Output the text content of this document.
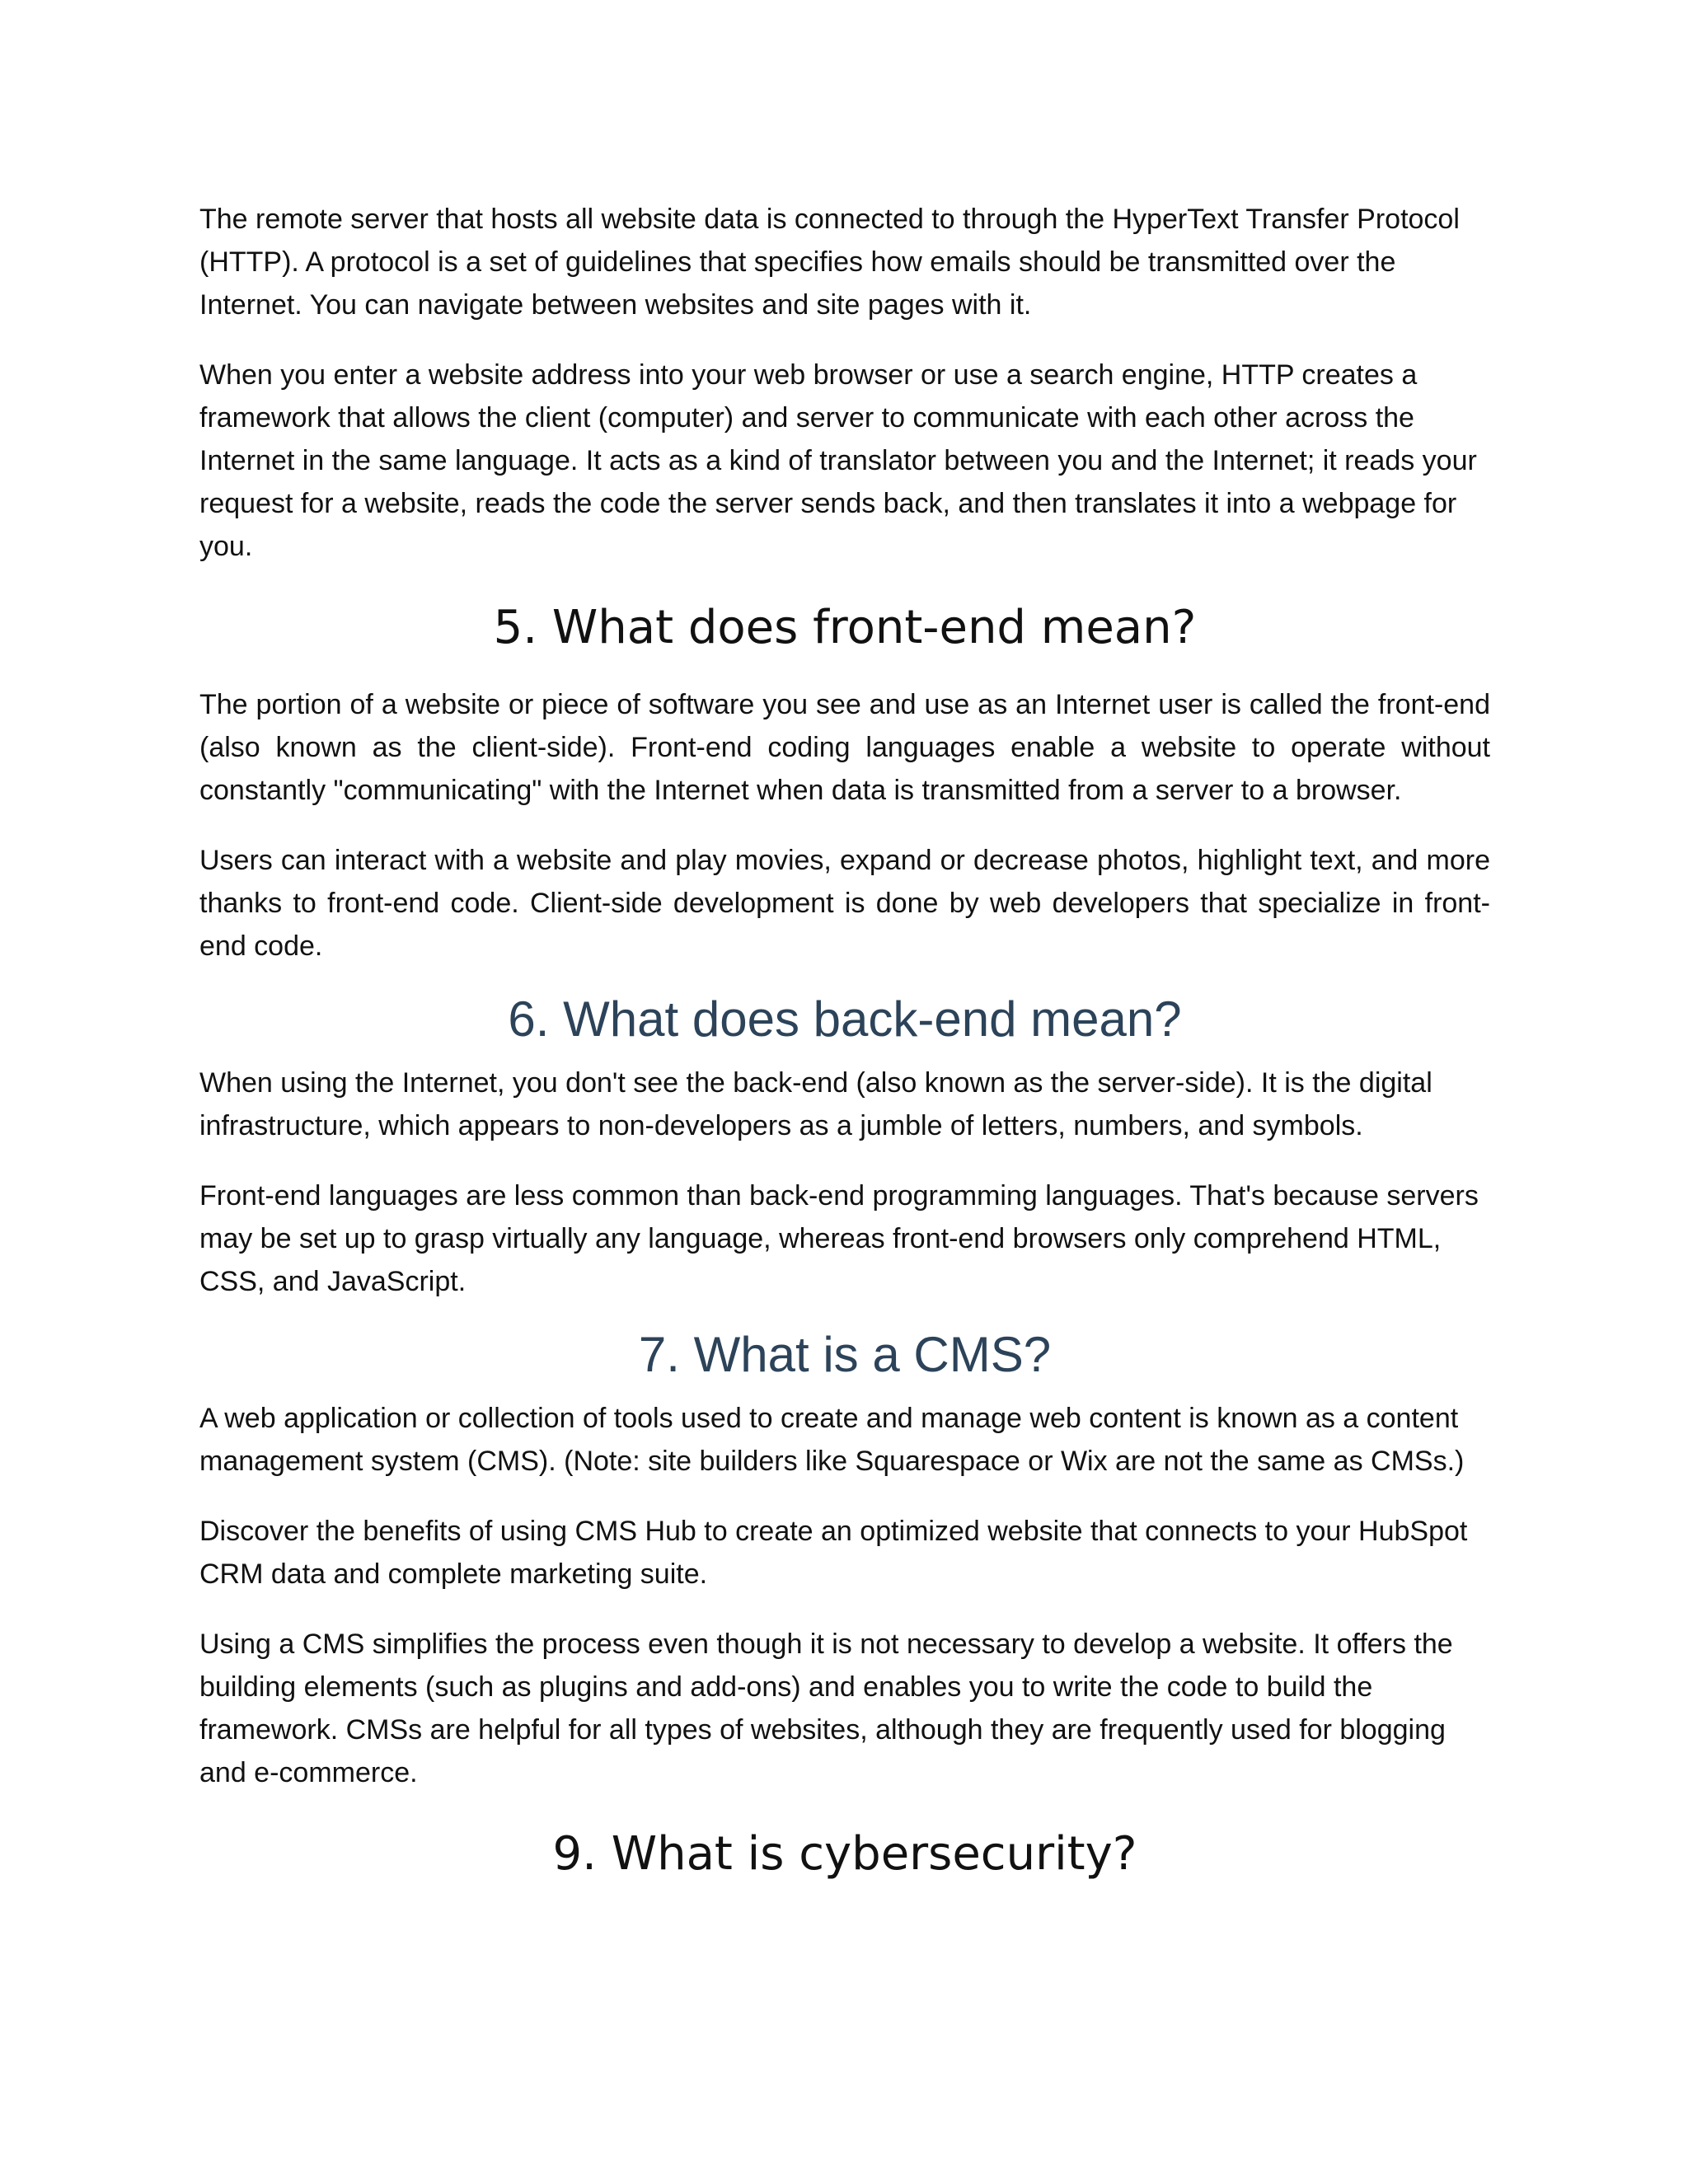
The remote server that hosts all website data is connected to through the HyperText Transfer Protocol (HTTP). A protocol is a set of guidelines that specifies how emails should be transmitted over the Internet. You can navigate between websites and site pages with it.

When you enter a website address into your web browser or use a search engine, HTTP creates a framework that allows the client (computer) and server to communicate with each other across the Internet in the same language. It acts as a kind of translator between you and the Internet; it reads your request for a website, reads the code the server sends back, and then translates it into a webpage for you.

5. What does front-end mean?

The portion of a website or piece of software you see and use as an Internet user is called the front-end (also known as the client-side). Front-end coding languages enable a website to operate without constantly "communicating" with the Internet when data is transmitted from a server to a browser.

Users can interact with a website and play movies, expand or decrease photos, highlight text, and more thanks to front-end code. Client-side development is done by web developers that specialize in front-end code.

6. What does back-end mean?

When using the Internet, you don't see the back-end (also known as the server-side). It is the digital infrastructure, which appears to non-developers as a jumble of letters, numbers, and symbols.

Front-end languages are less common than back-end programming languages. That's because servers may be set up to grasp virtually any language, whereas front-end browsers only comprehend HTML, CSS, and JavaScript.

7. What is a CMS?

A web application or collection of tools used to create and manage web content is known as a content management system (CMS). (Note: site builders like Squarespace or Wix are not the same as CMSs.)

Discover the benefits of using CMS Hub to create an optimized website that connects to your HubSpot CRM data and complete marketing suite.

Using a CMS simplifies the process even though it is not necessary to develop a website. It offers the building elements (such as plugins and add-ons) and enables you to write the code to build the framework. CMSs are helpful for all types of websites, although they are frequently used for blogging and e-commerce.

9. What is cybersecurity?
